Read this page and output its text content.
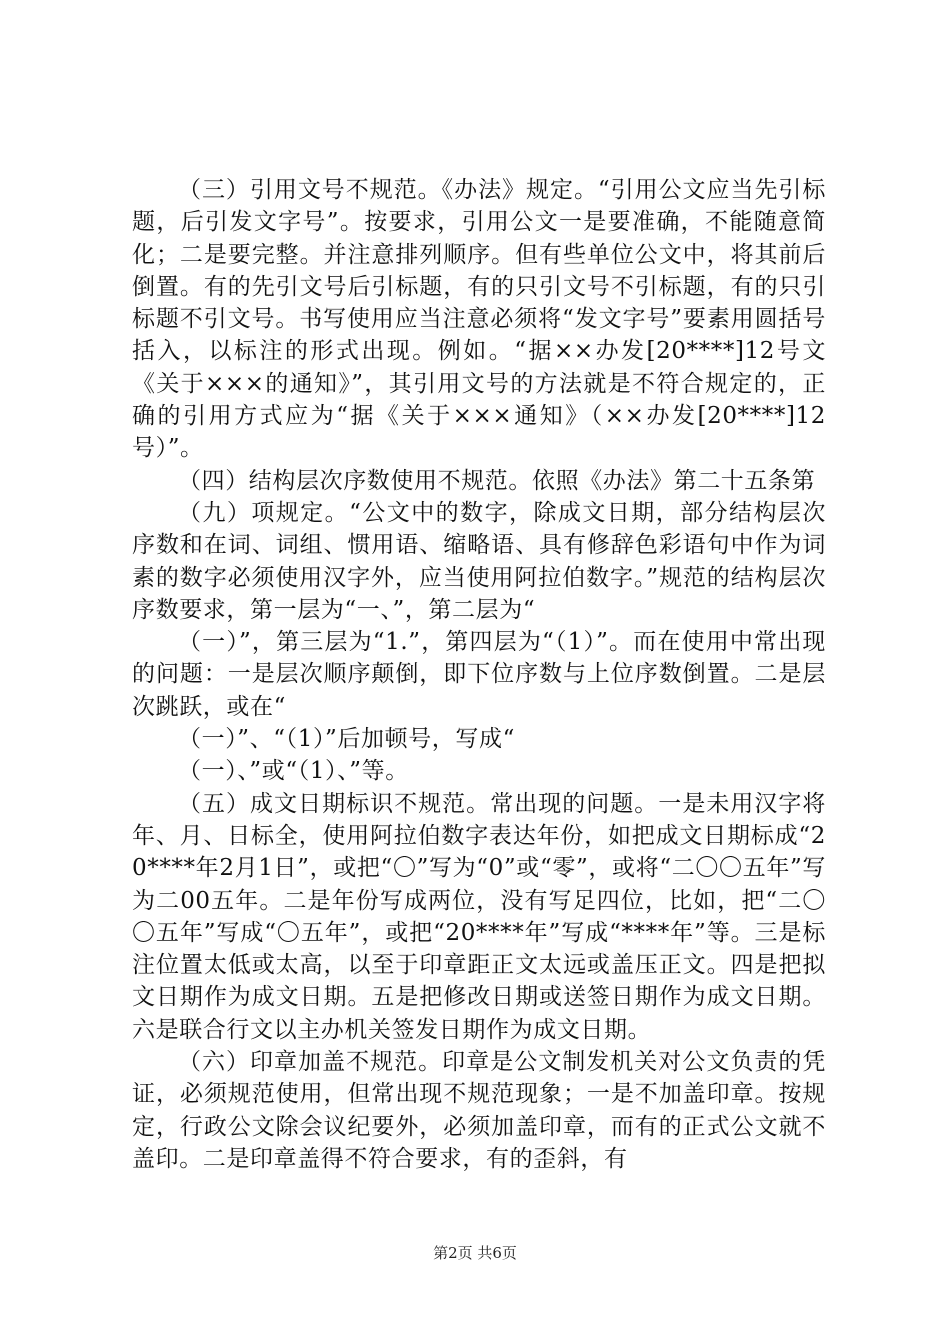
（三）引用文号不规范。《办法》规定。“引用公文应当先引标题，后引发文字号”。按要求，引用公文一是要准确，不能随意简化；二是要完整。并注意排列顺序。但有些单位公文中，将其前后倒置。有的先引文号后引标题，有的只引文号不引标题，有的只引标题不引文号。书写使用应当注意必须将“发文字号”要素用圆括号括入，以标注的形式出现。例如。“据××办发[20****]12号文《关于×××的通知》”，其引用文号的方法就是不符合规定的，正确的引用方式应为“据《关于×××通知》（××办发[20****]12号）”。

（四）结构层次序数使用不规范。依照《办法》第二十五条第

（九）项规定。“公文中的数字，除成文日期，部分结构层次序数和在词、词组、惯用语、缩略语、具有修辞色彩语句中作为词素的数字必须使用汉字外，应当使用阿拉伯数字。”规范的结构层次序数要求，第一层为“一、”，第二层为“

（一）”，第三层为“1.”，第四层为“（1）”。而在使用中常出现的问题：一是层次顺序颠倒，即下位序数与上位序数倒置。二是层次跳跃，或在“

（一）”、“（1）”后加顿号，写成“

（一）、”或“（1）、”等。

（五）成文日期标识不规范。常出现的问题。一是未用汉字将年、月、日标全，使用阿拉伯数字表达年份，如把成文日期标成“20****年2月1日”，或把“〇”写为“0”或“零”，或将“二〇〇五年”写为二00五年。二是年份写成两位，没有写足四位，比如，把“二〇〇五年”写成“〇五年”，或把“20****年”写成“****年”等。三是标注位置太低或太高，以至于印章距正文太远或盖压正文。四是把拟文日期作为成文日期。五是把修改日期或送签日期作为成文日期。六是联合行文以主办机关签发日期作为成文日期。

（六）印章加盖不规范。印章是公文制发机关对公文负责的凭证，必须规范使用，但常出现不规范现象；一是不加盖印章。按规定，行政公文除会议纪要外，必须加盖印章，而有的正式公文就不盖印。二是印章盖得不符合要求，有的歪斜，有

第2页 共6页
